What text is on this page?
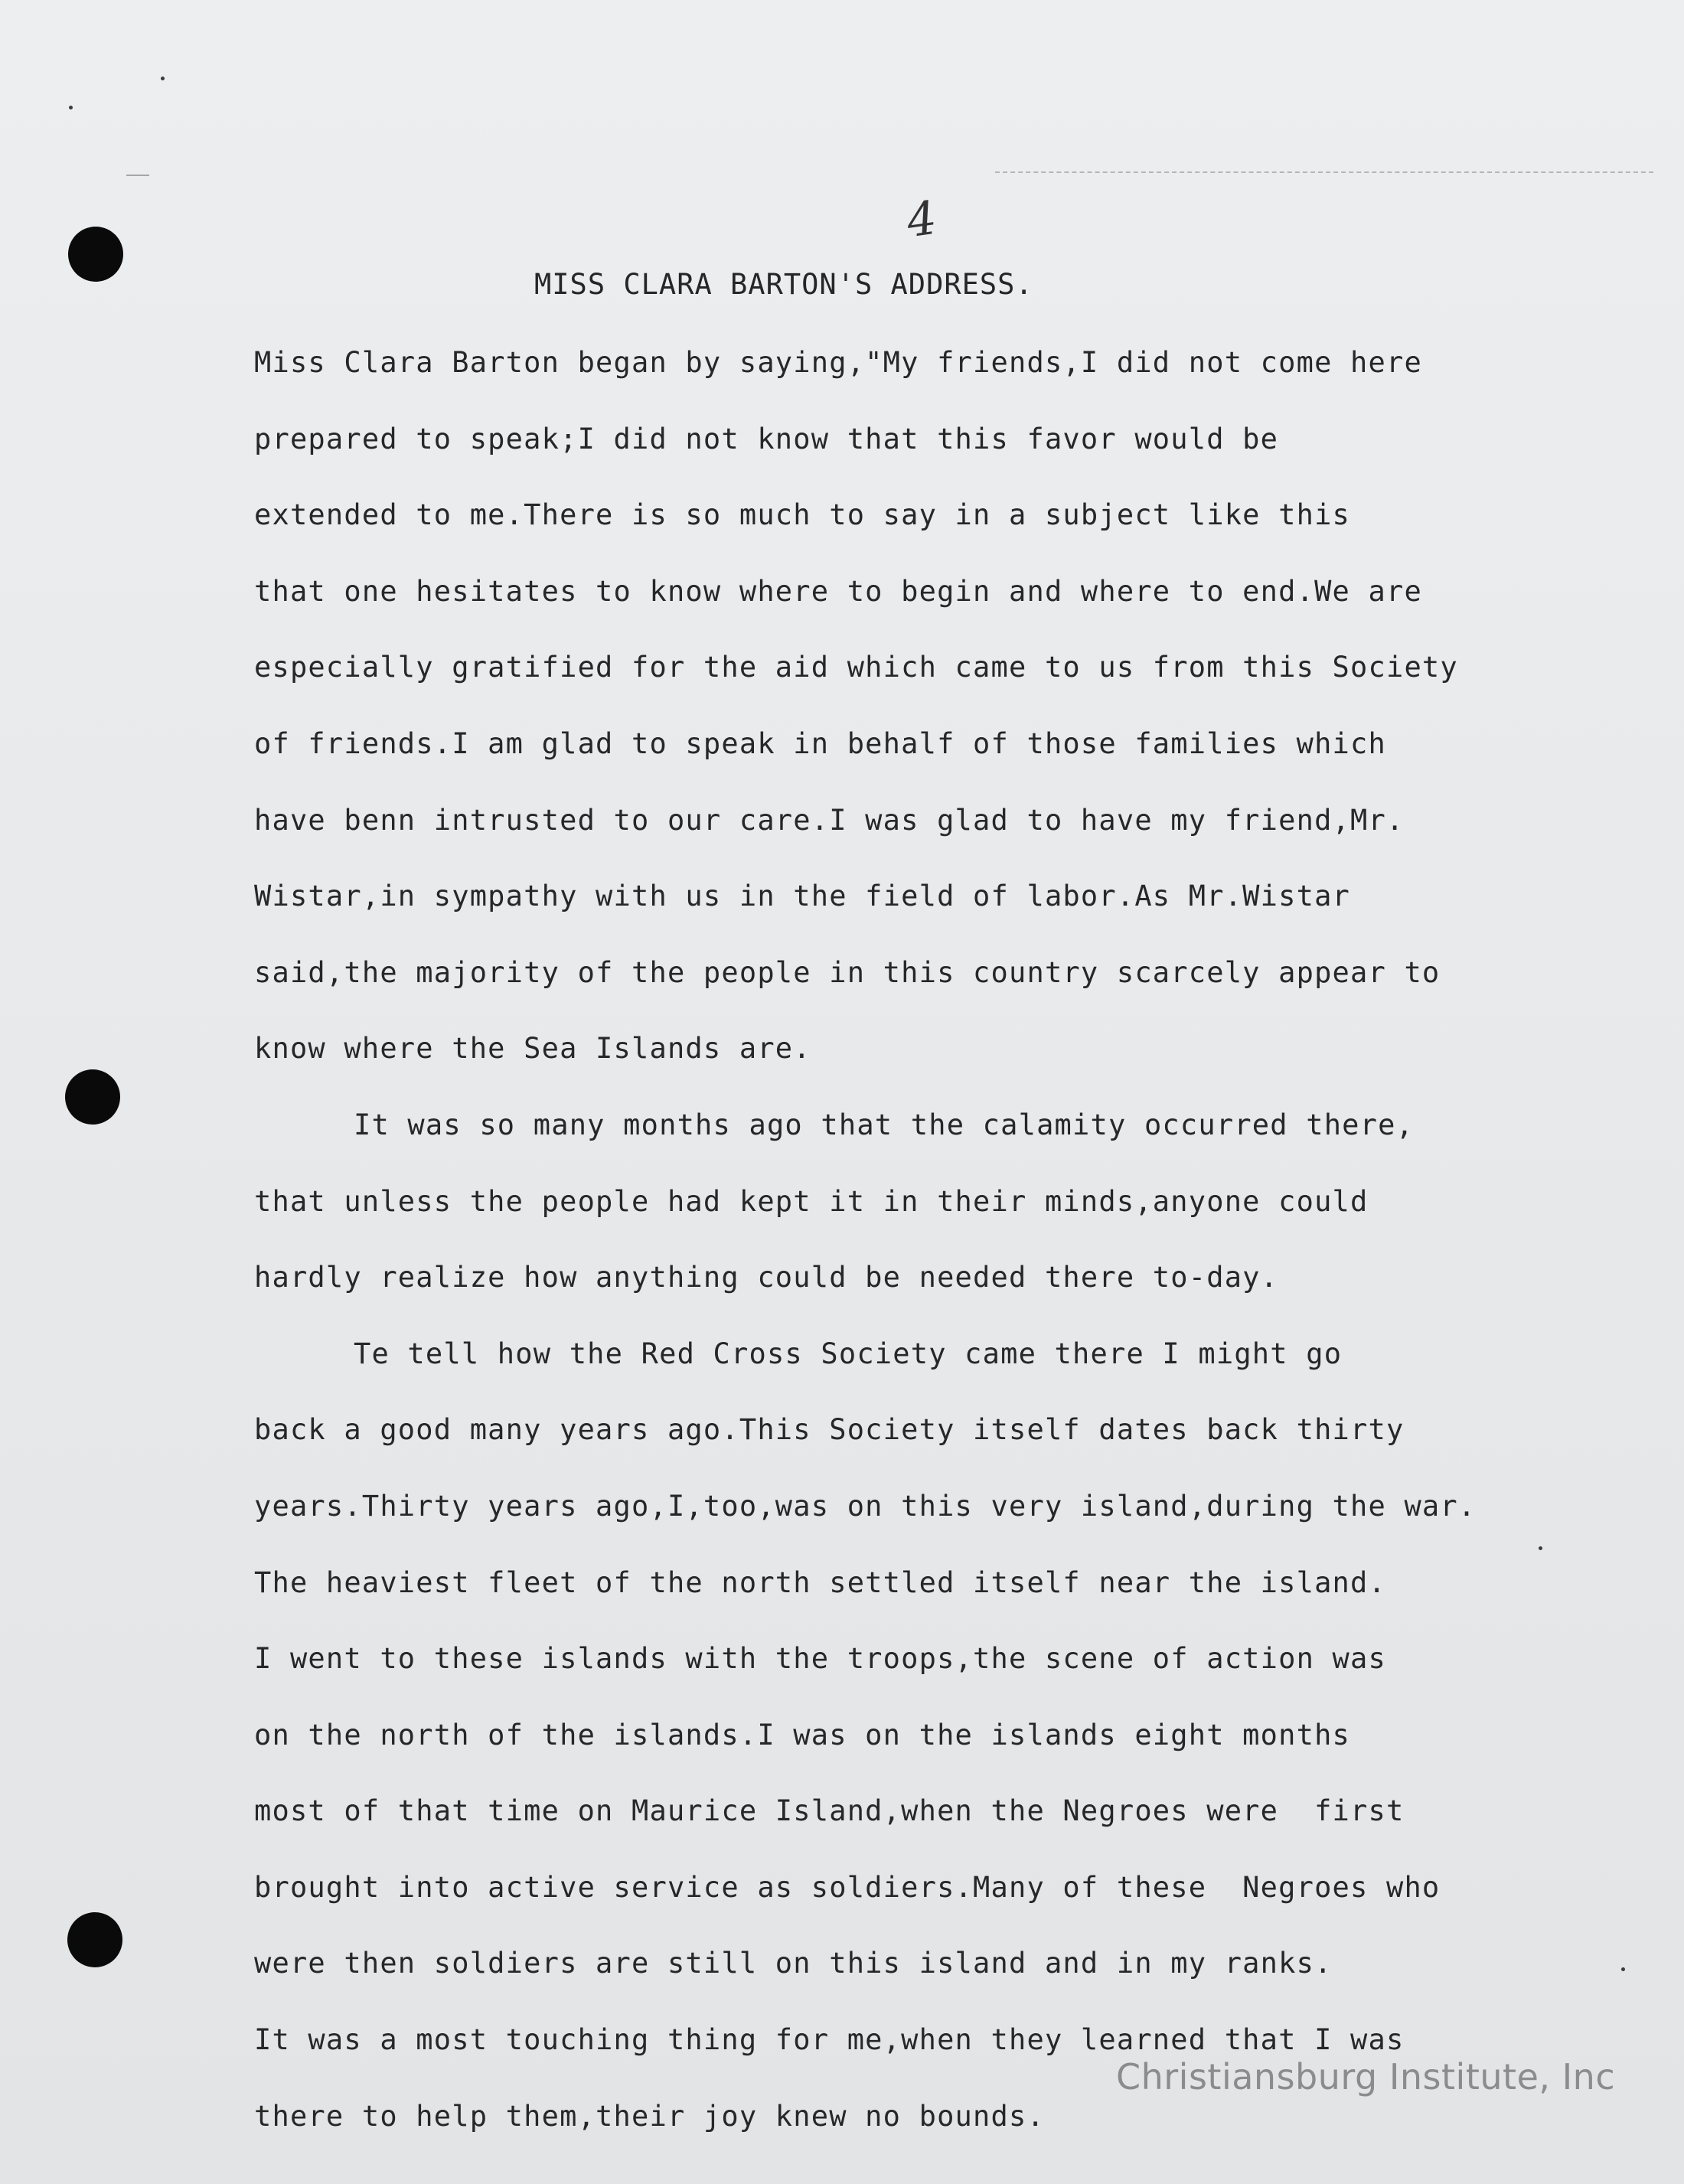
4
MISS CLARA BARTON'S ADDRESS.
Miss Clara Barton began by saying,"My friends,I did not come here
prepared to speak;I did not know that this favor would be
extended to me.There is so much to say in a subject like this
that one hesitates to know where to begin and where to end.We are
especially gratified for the aid which came to us from this Society
of friends.I am glad to speak in behalf of those families which
have benn intrusted to our care.I was glad to have my friend,Mr.
Wistar,in sympathy with us in the field of labor.As Mr.Wistar
said,the majority of the people in this country scarcely appear to
know where the Sea Islands are.
It was so many months ago that the calamity occurred there,
that unless the people had kept it in their minds,anyone could
hardly realize how anything could be needed there to-day.
Te tell how the Red Cross Society came there I might go
back a good many years ago.This Society itself dates back thirty
years.Thirty years ago,I,too,was on this very island,during the war.
The heaviest fleet of the north settled itself near the island.
I went to these islands with the troops,the scene of action was
on the north of the islands.I was on the islands eight months
most of that time on Maurice Island,when the Negroes were  first
brought into active service as soldiers.Many of these  Negroes who
were then soldiers are still on this island and in my ranks.
It was a most touching thing for me,when they learned that I was
there to help them,their joy knew no bounds.
Christiansburg Institute, Inc
